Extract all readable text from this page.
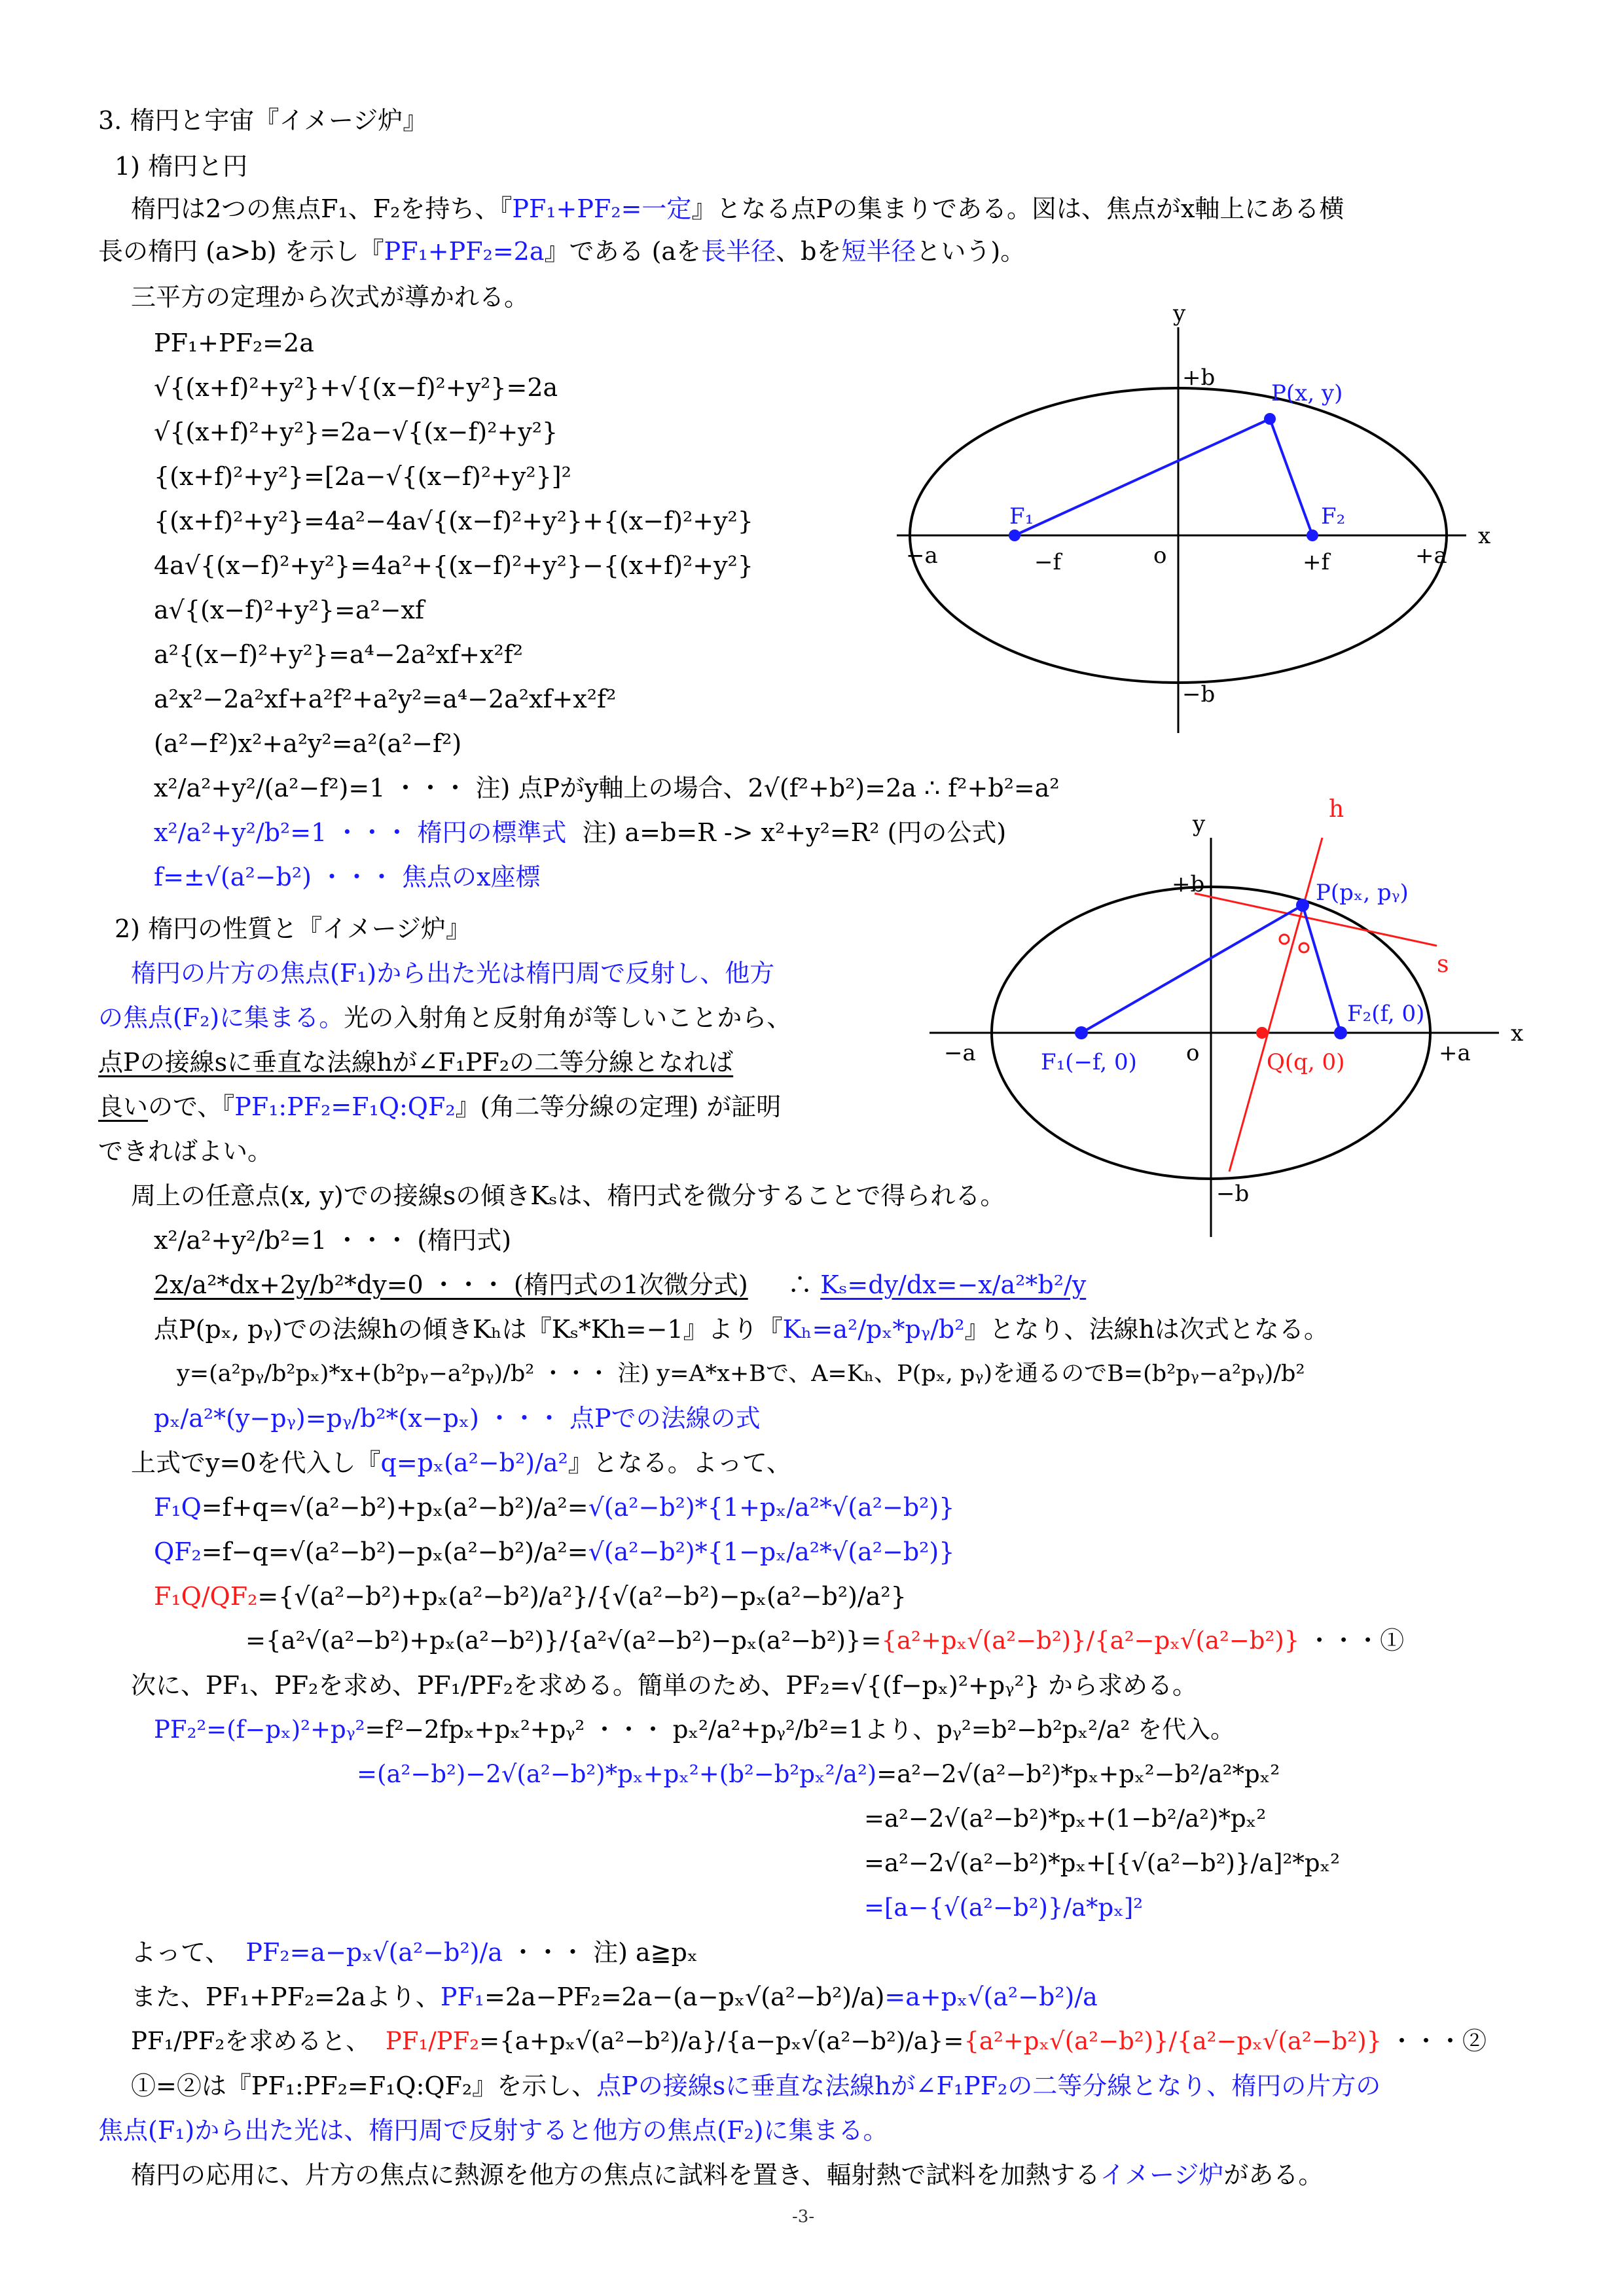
3. 楕円と宇宙『イメージ炉』
1) 楕円と円
楕円は2つの焦点F₁、F₂を持ち、『PF₁+PF₂=一定』となる点Pの集まりである。図は、焦点がx軸上にある横
長の楕円 (a>b) を示し『PF₁+PF₂=2a』である (aを長半径、bを短半径という)。
三平方の定理から次式が導かれる。
PF₁+PF₂=2a
√{(x+f)²+y²}+√{(x−f)²+y²}=2a
√{(x+f)²+y²}=2a−√{(x−f)²+y²}
{(x+f)²+y²}=[2a−√{(x−f)²+y²}]²
{(x+f)²+y²}=4a²−4a√{(x−f)²+y²}+{(x−f)²+y²}
4a√{(x−f)²+y²}=4a²+{(x−f)²+y²}−{(x+f)²+y²}
a√{(x−f)²+y²}=a²−xf
a²{(x−f)²+y²}=a⁴−2a²xf+x²f²
a²x²−2a²xf+a²f²+a²y²=a⁴−2a²xf+x²f²
(a²−f²)x²+a²y²=a²(a²−f²)
x²/a²+y²/(a²−f²)=1 ・・・ 注) 点Pがy軸上の場合、2√(f²+b²)=2a ∴ f²+b²=a²
x²/a²+y²/b²=1 ・・・ 楕円の標準式 注) a=b=R -> x²+y²=R² (円の公式)
f=±√(a²−b²) ・・・ 焦点のx座標
y
x
+b
−b
+a
−a	o
−f	+f
F₁	F₂
P(x, y)
2) 楕円の性質と『イメージ炉』
楕円の片方の焦点(F₁)から出た光は楕円周で反射し、他方
の焦点(F₂)に集まる。光の入射角と反射角が等しいことから、
点Pの接線sに垂直な法線hが∠F₁PF₂の二等分線となれば
良いので、『PF₁:PF₂=F₁Q:QF₂』(角二等分線の定理) が証明
できればよい。
y
x
h
s
+b
−b
+a
−a	o
P(pₓ, pᵧ)
F₁(−f, 0)
F₂(f, 0)
Q(q, 0)
周上の任意点(x, y)での接線sの傾きKₛは、楕円式を微分することで得られる。
x²/a²+y²/b²=1 ・・・ (楕円式)
2x/a²*dx+2y/b²*dy=0 ・・・ (楕円式の1次微分式) ∴ Kₛ=dy/dx=−x/a²*b²/y
点P(pₓ, pᵧ)での法線hの傾きKₕは『Kₛ*Kh=−1』より『Kₕ=a²/pₓ*pᵧ/b²』となり、法線hは次式となる。
y=(a²pᵧ/b²pₓ)*x+(b²pᵧ−a²pᵧ)/b² ・・・ 注) y=A*x+Bで、A=Kₕ、P(pₓ, pᵧ)を通るのでB=(b²pᵧ−a²pᵧ)/b²
pₓ/a²*(y−pᵧ)=pᵧ/b²*(x−pₓ) ・・・ 点Pでの法線の式
上式でy=0を代入し『q=pₓ(a²−b²)/a²』となる。よって、
F₁Q=f+q=√(a²−b²)+pₓ(a²−b²)/a²=√(a²−b²)*{1+pₓ/a²*√(a²−b²)}
QF₂=f−q=√(a²−b²)−pₓ(a²−b²)/a²=√(a²−b²)*{1−pₓ/a²*√(a²−b²)}
F₁Q/QF₂={√(a²−b²)+pₓ(a²−b²)/a²}/{√(a²−b²)−pₓ(a²−b²)/a²}
={a²√(a²−b²)+pₓ(a²−b²)}/{a²√(a²−b²)−pₓ(a²−b²)}={a²+pₓ√(a²−b²)}/{a²−pₓ√(a²−b²)} ・・・①
次に、PF₁、PF₂を求め、PF₁/PF₂を求める。簡単のため、PF₂=√{(f−pₓ)²+pᵧ²} から求める。
PF₂²=(f−pₓ)²+pᵧ²=f²−2fpₓ+pₓ²+pᵧ² ・・・ pₓ²/a²+pᵧ²/b²=1より、pᵧ²=b²−b²pₓ²/a² を代入。
=(a²−b²)−2√(a²−b²)*pₓ+pₓ²+(b²−b²pₓ²/a²)=a²−2√(a²−b²)*pₓ+pₓ²−b²/a²*pₓ²
=a²−2√(a²−b²)*pₓ+(1−b²/a²)*pₓ²
=a²−2√(a²−b²)*pₓ+[{√(a²−b²)}/a]²*pₓ²
=[a−{√(a²−b²)}/a*pₓ]²
よって、 PF₂=a−pₓ√(a²−b²)/a ・・・ 注) a≧pₓ
また、PF₁+PF₂=2aより、PF₁=2a−PF₂=2a−(a−pₓ√(a²−b²)/a)=a+pₓ√(a²−b²)/a
PF₁/PF₂を求めると、 PF₁/PF₂={a+pₓ√(a²−b²)/a}/{a−pₓ√(a²−b²)/a}={a²+pₓ√(a²−b²)}/{a²−pₓ√(a²−b²)} ・・・②
①=②は『PF₁:PF₂=F₁Q:QF₂』を示し、点Pの接線sに垂直な法線hが∠F₁PF₂の二等分線となり、楕円の片方の
焦点(F₁)から出た光は、楕円周で反射すると他方の焦点(F₂)に集まる。
楕円の応用に、片方の焦点に熱源を他方の焦点に試料を置き、輻射熱で試料を加熱するイメージ炉がある。
-3-
